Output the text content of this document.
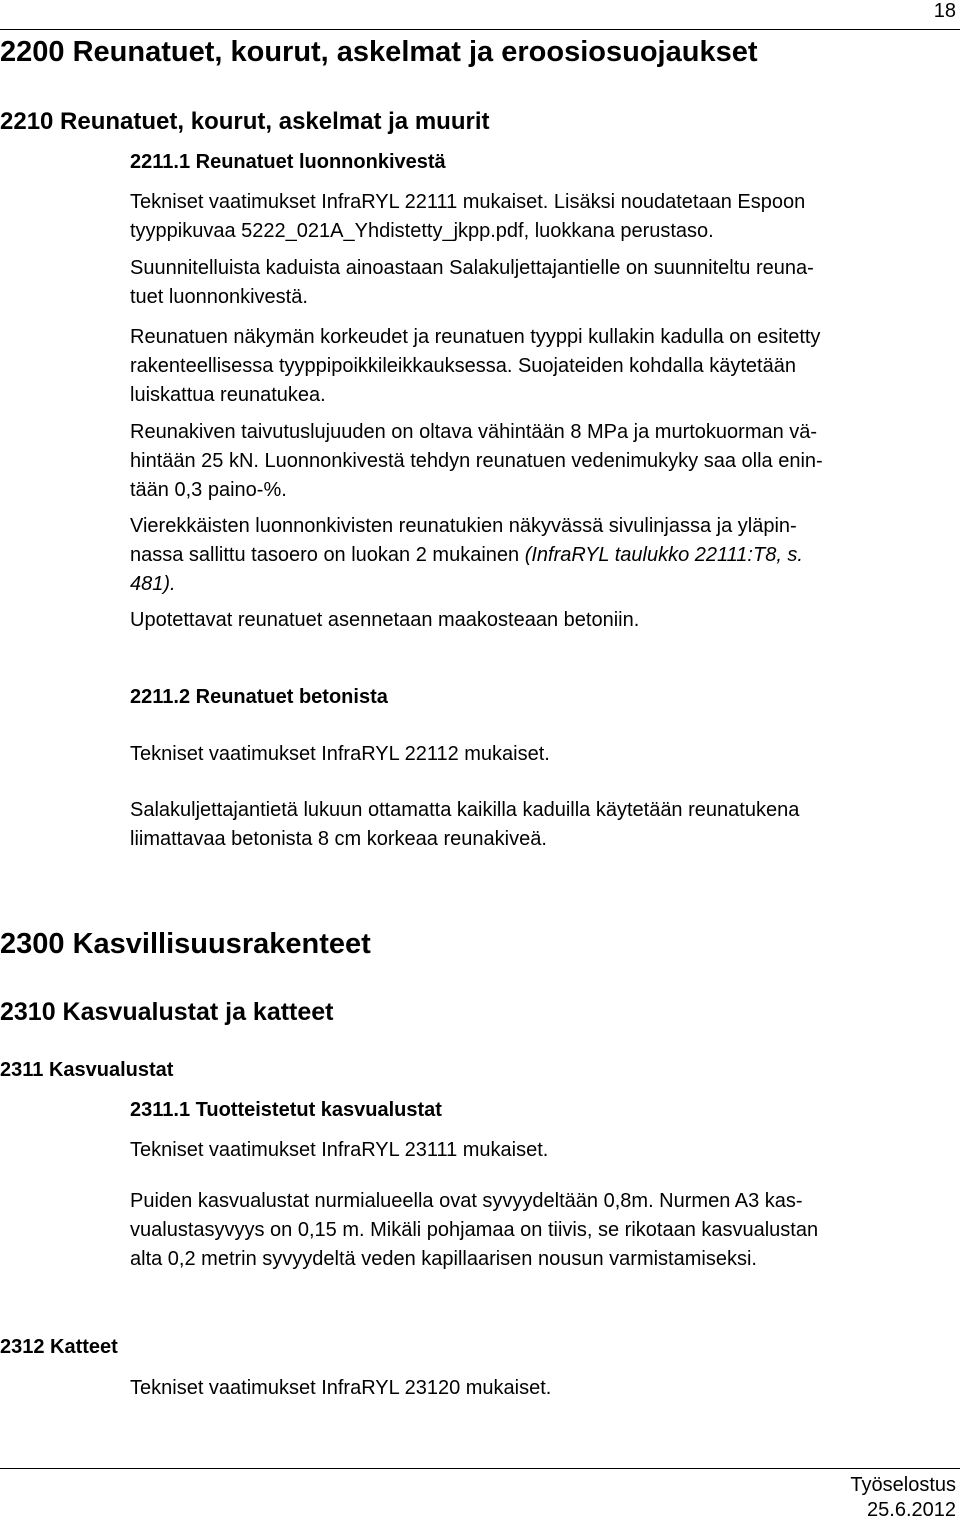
18
2200 Reunatuet, kourut, askelmat ja eroosiosuojaukset
2210 Reunatuet, kourut, askelmat ja muurit
2211.1 Reunatuet luonnonkivestä

Tekniset vaatimukset InfraRYL 22111 mukaiset. Lisäksi noudatetaan Espoon

tyyppikuvaa 5222_021A_Yhdistetty_jkpp.pdf, luokkana perustaso.

Suunnitelluista kaduista ainoastaan Salakuljettajantielle on suunniteltu reuna-

tuet luonnonkivestä.

Reunatuen näkymän korkeudet ja reunatuen tyyppi kullakin kadulla on esitetty

rakenteellisessa tyyppipoikkileikkauksessa. Suojateiden kohdalla käytetään

luiskattua reunatukea.

Reunakiven taivutuslujuuden on oltava vähintään 8 MPa ja murtokuorman vä-

hintään 25 kN. Luonnonkivestä tehdyn reunatuen vedenimukyky saa olla enin-

tään 0,3 paino-%.

Vierekkäisten luonnonkivisten reunatukien näkyvässä sivulinjassa ja yläpin-

nassa sallittu tasoero on luokan 2 mukainen (InfraRYL taulukko 22111:T8, s.

481).

Upotettavat reunatuet asennetaan maakosteaan betoniin.

2211.2 Reunatuet betonista

Tekniset vaatimukset InfraRYL 22112 mukaiset.

Salakuljettajantietä lukuun ottamatta kaikilla kaduilla käytetään reunatukena

liimattavaa betonista 8 cm korkeaa reunakiveä.

2300 Kasvillisuusrakenteet
2310 Kasvualustat ja katteet
2311 Kasvualustat
2311.1 Tuotteistetut kasvualustat

Tekniset vaatimukset InfraRYL 23111 mukaiset.

Puiden kasvualustat nurmialueella ovat syvyydeltään 0,8m. Nurmen A3 kas-

vualustasyvyys on 0,15 m. Mikäli pohjamaa on tiivis, se rikotaan kasvualustan

alta 0,2 metrin syvyydeltä veden kapillaarisen nousun varmistamiseksi.

2312 Katteet

Tekniset vaatimukset InfraRYL 23120 mukaiset.

Työselostus
25.6.2012
